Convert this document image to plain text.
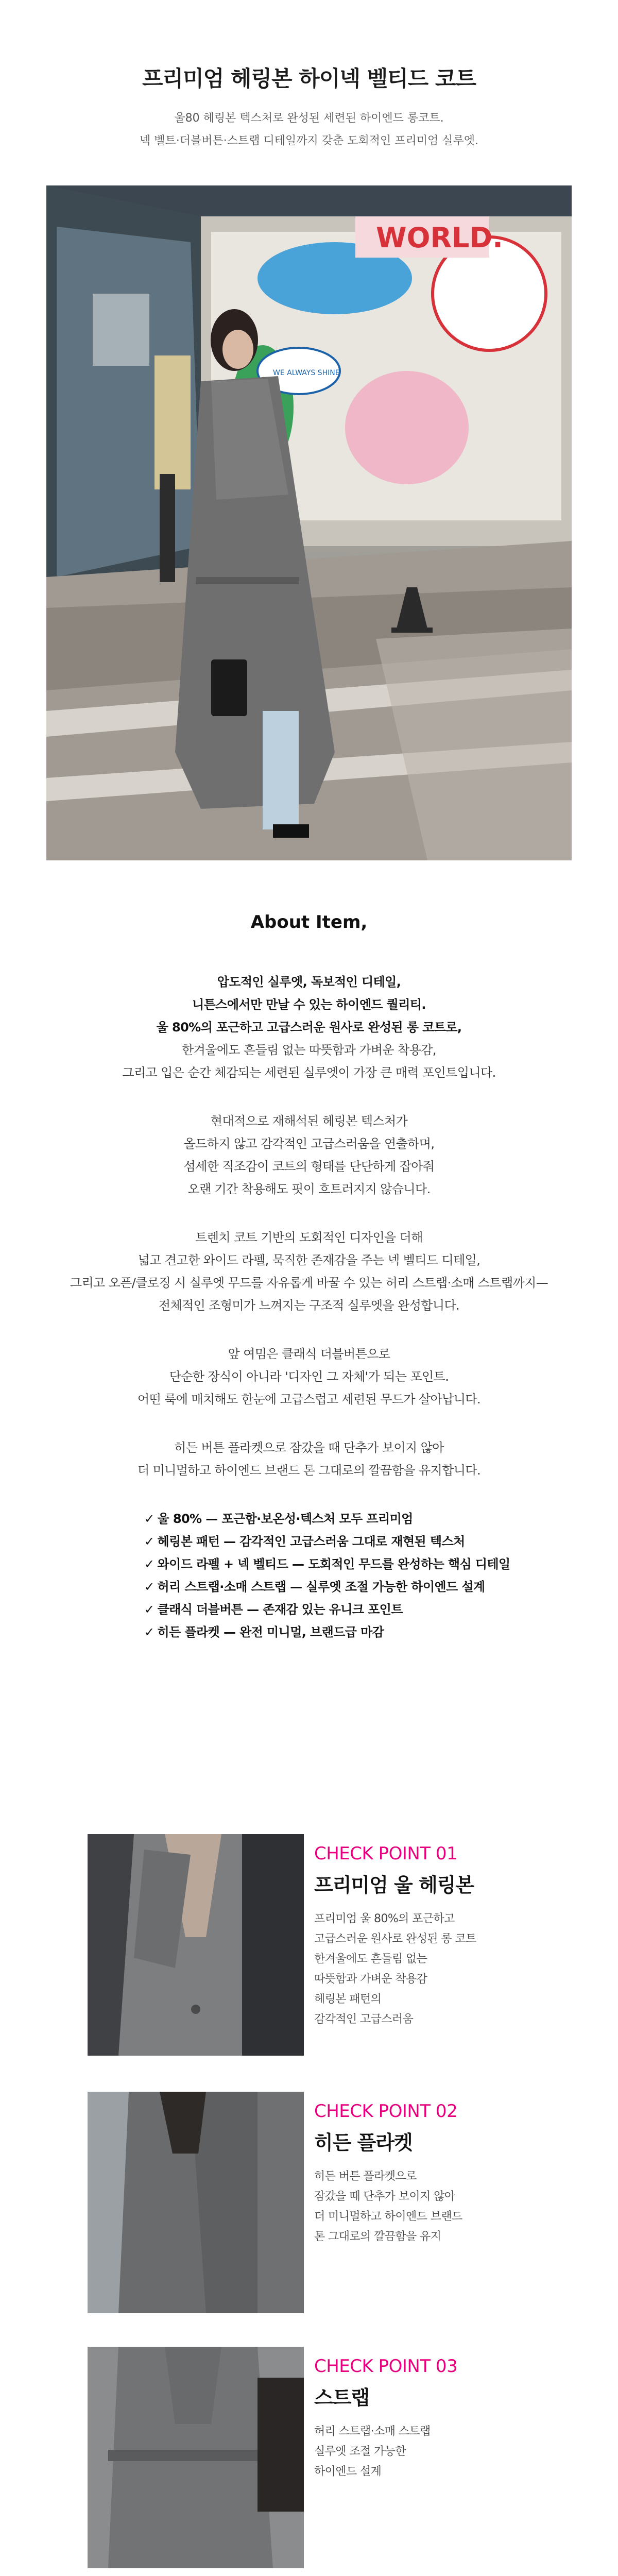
프리미엄 헤링본 하이넥 벨티드 코트
울80 헤링본 텍스처로 완성된 세련된 하이엔드 롱코트.
넥 벨트·더블버튼·스트랩 디테일까지 갖춘 도회적인 프리미엄 실루엣.
WORLD.
WE ALWAYS SHINE
About Item,

압도적인 실루엣, 독보적인 디테일,

니튼스에서만 만날 수 있는 하이엔드 퀄리티.

울 80%의 포근하고 고급스러운 원사로 완성된 롱 코트로,

한겨울에도 흔들림 없는 따뜻함과 가벼운 착용감,

그리고 입은 순간 체감되는 세련된 실루엣이 가장 큰 매력 포인트입니다.

현대적으로 재해석된 헤링본 텍스처가

올드하지 않고 감각적인 고급스러움을 연출하며,

섬세한 직조감이 코트의 형태를 단단하게 잡아줘

오랜 기간 착용해도 핏이 흐트러지지 않습니다.

트렌치 코트 기반의 도회적인 디자인을 더해

넓고 견고한 와이드 라펠, 묵직한 존재감을 주는 넥 벨티드 디테일,

그리고 오픈/클로징 시 실루엣 무드를 자유롭게 바꿀 수 있는 허리 스트랩·소매 스트랩까지—

전체적인 조형미가 느껴지는 구조적 실루엣을 완성합니다.

앞 여밈은 클래식 더블버튼으로

단순한 장식이 아니라 '디자인 그 자체'가 되는 포인트.

어떤 룩에 매치해도 한눈에 고급스럽고 세련된 무드가 살아납니다.

히든 버튼 플라켓으로 잠갔을 때 단추가 보이지 않아

더 미니멀하고 하이엔드 브랜드 톤 그대로의 깔끔함을 유지합니다.

✓ 울 80% — 포근함·보온성·텍스처 모두 프리미엄
✓ 헤링본 패턴 — 감각적인 고급스러움 그대로 재현된 텍스처
✓ 와이드 라펠 + 넥 벨티드 — 도회적인 무드를 완성하는 핵심 디테일
✓ 허리 스트랩·소매 스트랩 — 실루엣 조절 가능한 하이엔드 설계
✓ 클래식 더블버튼 — 존재감 있는 유니크 포인트
✓ 히든 플라켓 — 완전 미니멀, 브랜드급 마감
CHECK POINT 01
프리미엄 울 헤링본

프리미엄 울 80%의 포근하고

고급스러운 원사로 완성된 롱 코트

한겨울에도 흔들림 없는

따뜻함과 가벼운 착용감

헤링본 패턴의

감각적인 고급스러움

CHECK POINT 02
히든 플라켓

히든 버튼 플라켓으로

잠갔을 때 단추가 보이지 않아

더 미니멀하고 하이엔드 브랜드

톤 그대로의 깔끔함을 유지

CHECK POINT 03
스트랩

허리 스트랩·소매 스트랩

실루엣 조절 가능한

하이엔드 설계
